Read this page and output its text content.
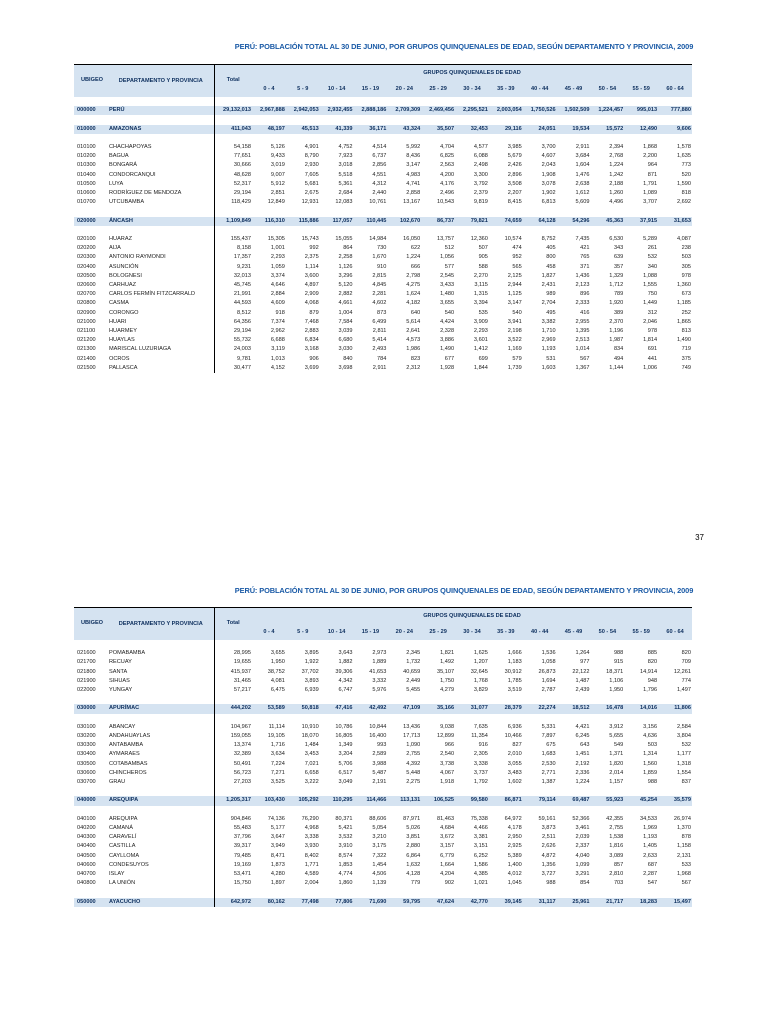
PERÚ: POBLACIÓN TOTAL AL 30 DE JUNIO, POR GRUPOS QUINQUENALES DE EDAD, SEGÚN DEPARTAMENTO Y PROVINCIA, 2009
UBIGEO	DEPARTAMENTO Y PROVINCIA	Total	GRUPOS QUINQUENALES DE EDAD												
			0 - 4	5 - 9	10 - 14	15 - 19	20 - 24	25 - 29	30 - 34	35 - 39	40 - 44	45 - 49	50 - 54	55 - 59	60 - 64

000000	PERÚ	29,132,013	2,967,888	2,942,053	2,932,455	2,888,186	2,709,309	2,469,456	2,295,521	2,003,054	1,750,526	1,502,509	1,224,457	995,013	777,880

010000	AMAZONAS	411,043	48,197	45,513	41,339	36,171	43,324	35,507	32,453	29,116	24,051	19,534	15,572	12,490	9,606

010100	CHACHAPOYAS	54,158	5,126	4,901	4,752	4,514	5,992	4,704	4,577	3,985	3,700	2,911	2,394	1,868	1,578
010200	BAGUA	77,651	9,433	8,790	7,923	6,737	8,436	6,825	6,088	5,679	4,607	3,684	2,768	2,200	1,635
010300	BONGARÁ	30,666	3,019	2,930	3,018	2,856	3,147	2,563	2,498	2,426	2,043	1,604	1,224	964	773
010400	CONDORCANQUI	48,628	9,007	7,605	5,518	4,551	4,983	4,200	3,300	2,896	1,908	1,476	1,242	871	520
010500	LUYA	52,317	5,912	5,681	5,361	4,312	4,741	4,176	3,792	3,508	3,078	2,638	2,188	1,791	1,590
010600	RODRÍGUEZ DE MENDOZA	29,194	2,851	2,675	2,684	2,440	2,858	2,496	2,379	2,207	1,902	1,612	1,260	1,089	818
010700	UTCUBAMBA	118,429	12,849	12,931	12,083	10,761	13,167	10,543	9,819	8,415	6,813	5,609	4,496	3,707	2,692

020000	ÁNCASH	1,109,849	116,310	115,886	117,057	110,445	102,670	86,737	79,821	74,659	64,128	54,296	45,363	37,915	31,653

020100	HUARAZ	155,437	15,305	15,743	15,055	14,984	16,050	13,757	12,360	10,574	8,752	7,435	6,530	5,289	4,087
020200	AIJA	8,158	1,001	992	864	730	622	512	507	474	405	421	343	261	238
020300	ANTONIO RAYMONDI	17,357	2,293	2,375	2,258	1,670	1,224	1,056	905	952	800	765	639	532	503
020400	ASUNCIÓN	9,231	1,059	1,114	1,126	910	666	577	588	565	458	371	357	340	305
020500	BOLOGNESI	32,013	3,374	3,600	3,296	2,815	2,798	2,545	2,270	2,125	1,827	1,436	1,329	1,088	978
020600	CARHUAZ	45,745	4,646	4,897	5,120	4,845	4,275	3,433	3,115	2,944	2,431	2,123	1,712	1,555	1,360
020700	CARLOS FERMÍN FITZCARRALD	21,991	2,884	2,909	2,882	2,281	1,624	1,480	1,315	1,125	989	896	789	750	673
020800	CASMA	44,593	4,609	4,068	4,661	4,602	4,182	3,655	3,394	3,147	2,704	2,333	1,920	1,449	1,185
020900	CORONGO	8,512	918	879	1,004	873	640	540	535	540	495	416	389	312	252
021000	HUARI	64,356	7,374	7,468	7,584	6,499	5,614	4,424	3,909	3,941	3,382	2,955	2,370	2,046	1,865
021100	HUARMEY	29,194	2,962	2,883	3,039	2,811	2,641	2,328	2,293	2,198	1,710	1,395	1,196	978	813
021200	HUAYLAS	55,732	6,688	6,834	6,680	5,414	4,573	3,886	3,601	3,522	2,969	2,513	1,987	1,814	1,490
021300	MARISCAL LUZURIAGA	24,003	3,119	3,168	3,030	2,493	1,986	1,490	1,412	1,169	1,193	1,014	834	691	719
021400	OCROS	9,781	1,013	906	840	784	823	677	699	579	531	567	494	441	375
021500	PALLASCA	30,477	4,152	3,699	3,698	2,911	2,312	1,928	1,844	1,739	1,603	1,367	1,144	1,006	749
37
PERÚ: POBLACIÓN TOTAL AL 30 DE JUNIO, POR GRUPOS QUINQUENALES DE EDAD, SEGÚN DEPARTAMENTO Y PROVINCIA, 2009
UBIGEO	DEPARTAMENTO Y PROVINCIA	Total	GRUPOS QUINQUENALES DE EDAD												
			0 - 4	5 - 9	10 - 14	15 - 19	20 - 24	25 - 29	30 - 34	35 - 39	40 - 44	45 - 49	50 - 54	55 - 59	60 - 64

021600	POMABAMBA	28,995	3,655	3,895	3,643	2,973	2,345	1,821	1,625	1,666	1,536	1,264	988	885	820
021700	RECUAY	19,655	1,950	1,922	1,882	1,889	1,732	1,492	1,207	1,183	1,058	977	915	820	709
021800	SANTA	415,937	38,752	37,702	39,306	41,653	40,659	35,107	32,645	30,912	26,873	22,122	18,371	14,914	12,261
021900	SIHUAS	31,465	4,081	3,893	4,342	3,332	2,449	1,750	1,768	1,785	1,694	1,487	1,106	948	774
022000	YUNGAY	57,217	6,475	6,939	6,747	5,976	5,455	4,279	3,829	3,519	2,787	2,439	1,950	1,796	1,497

030000	APURÍMAC	444,202	53,589	50,818	47,416	42,492	47,109	35,166	31,077	28,379	22,274	18,512	16,478	14,016	11,806

030100	ABANCAY	104,967	11,114	10,910	10,786	10,844	13,436	9,038	7,635	6,936	5,331	4,421	3,912	3,156	2,584
030200	ANDAHUAYLAS	159,055	19,105	18,070	16,805	16,400	17,713	12,899	11,354	10,466	7,897	6,245	5,655	4,636	3,804
030300	ANTABAMBA	13,374	1,716	1,484	1,349	993	1,090	966	916	827	675	643	549	503	532
030400	AYMARAES	32,389	3,634	3,453	3,204	2,589	2,755	2,540	2,305	2,010	1,683	1,451	1,371	1,314	1,177
030500	COTABAMBAS	50,491	7,224	7,021	5,706	3,988	4,392	3,738	3,338	3,055	2,530	2,192	1,820	1,560	1,318
030600	CHINCHEROS	56,723	7,271	6,658	6,517	5,487	5,448	4,067	3,737	3,483	2,771	2,336	2,014	1,859	1,554
030700	GRAU	27,203	3,525	3,222	3,049	2,191	2,275	1,918	1,792	1,602	1,387	1,224	1,157	988	837

040000	AREQUIPA	1,205,317	103,430	105,292	110,295	114,466	113,131	106,525	99,580	86,871	79,114	69,487	55,923	45,254	35,579

040100	AREQUIPA	904,846	74,136	76,290	80,371	88,606	87,971	81,463	75,338	64,972	59,161	52,366	42,355	34,533	26,974
040200	CAMANÁ	55,483	5,177	4,968	5,421	5,054	5,026	4,684	4,466	4,178	3,873	3,461	2,755	1,969	1,370
040300	CARAVELÍ	37,796	3,647	3,338	3,532	3,210	3,851	3,672	3,381	2,950	2,511	2,039	1,538	1,193	878
040400	CASTILLA	39,317	3,949	3,930	3,910	3,175	2,880	3,157	3,151	2,925	2,626	2,337	1,816	1,405	1,158
040500	CAYLLOMA	79,485	8,471	8,402	8,574	7,322	6,864	6,779	6,252	5,389	4,872	4,040	3,089	2,633	2,131
040600	CONDESUYOS	19,169	1,873	1,771	1,853	1,454	1,632	1,664	1,586	1,400	1,356	1,099	857	687	533
040700	ISLAY	53,471	4,280	4,589	4,774	4,506	4,128	4,204	4,385	4,012	3,727	3,291	2,810	2,287	1,968
040800	LA UNIÓN	15,750	1,897	2,004	1,860	1,139	779	902	1,021	1,045	988	854	703	547	567

050000	AYACUCHO	642,972	80,162	77,498	77,806	71,690	59,795	47,624	42,770	39,145	31,117	25,961	21,717	18,283	15,497
